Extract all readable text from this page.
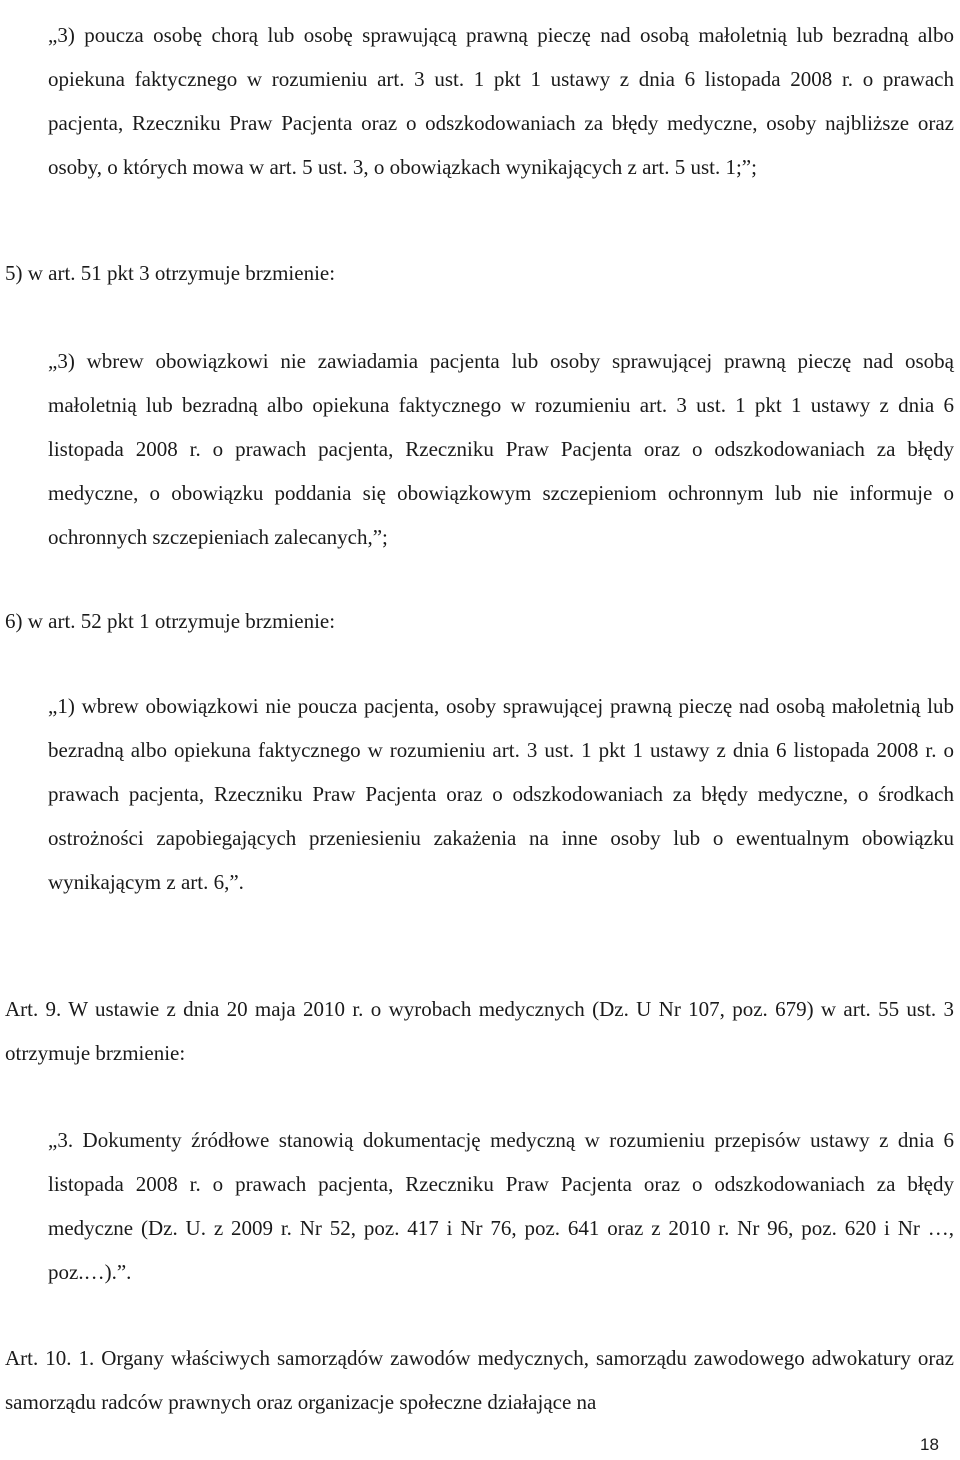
„3) poucza osobę chorą lub osobę sprawującą prawną pieczę nad osobą małoletnią lub bezradną albo opiekuna faktycznego w rozumieniu art. 3 ust. 1 pkt 1 ustawy z dnia 6 listopada 2008 r. o prawach pacjenta, Rzeczniku Praw Pacjenta oraz o odszkodowaniach za błędy medyczne, osoby najbliższe oraz osoby, o których mowa w art. 5 ust. 3, o obowiązkach wynikających z art. 5 ust. 1;”;

5) w art. 51 pkt 3 otrzymuje brzmienie:

„3) wbrew obowiązkowi nie zawiadamia pacjenta lub osoby sprawującej prawną pieczę nad osobą małoletnią lub bezradną albo opiekuna faktycznego w rozumieniu art. 3 ust. 1 pkt 1 ustawy z dnia 6 listopada 2008 r. o prawach pacjenta, Rzeczniku Praw Pacjenta oraz o odszkodowaniach za błędy medyczne, o obowiązku poddania się obowiązkowym szczepieniom ochronnym lub nie informuje o ochronnych szczepieniach zalecanych,”;

6) w art. 52 pkt 1 otrzymuje brzmienie:

„1) wbrew obowiązkowi nie poucza pacjenta, osoby sprawującej prawną pieczę nad osobą małoletnią lub bezradną albo opiekuna faktycznego w rozumieniu art. 3 ust. 1 pkt 1 ustawy z dnia 6 listopada 2008 r. o prawach pacjenta, Rzeczniku Praw Pacjenta oraz o odszkodowaniach za błędy medyczne, o środkach ostrożności zapobiegających przeniesieniu zakażenia na inne osoby lub o ewentualnym obowiązku wynikającym z art. 6,”.

Art. 9. W ustawie z dnia 20 maja 2010 r. o wyrobach medycznych (Dz. U Nr 107, poz. 679) w art. 55 ust. 3 otrzymuje brzmienie:

„3. Dokumenty źródłowe stanowią dokumentację medyczną w rozumieniu przepisów ustawy z dnia 6 listopada 2008 r. o prawach pacjenta, Rzeczniku Praw Pacjenta oraz o odszkodowaniach za błędy medyczne (Dz. U. z 2009 r. Nr 52, poz. 417 i Nr 76, poz. 641 oraz z 2010 r. Nr 96, poz. 620 i Nr …, poz.…).”.

Art. 10. 1. Organy właściwych samorządów zawodów medycznych, samorządu zawodowego adwokatury oraz samorządu radców prawnych oraz organizacje społeczne działające na

18
